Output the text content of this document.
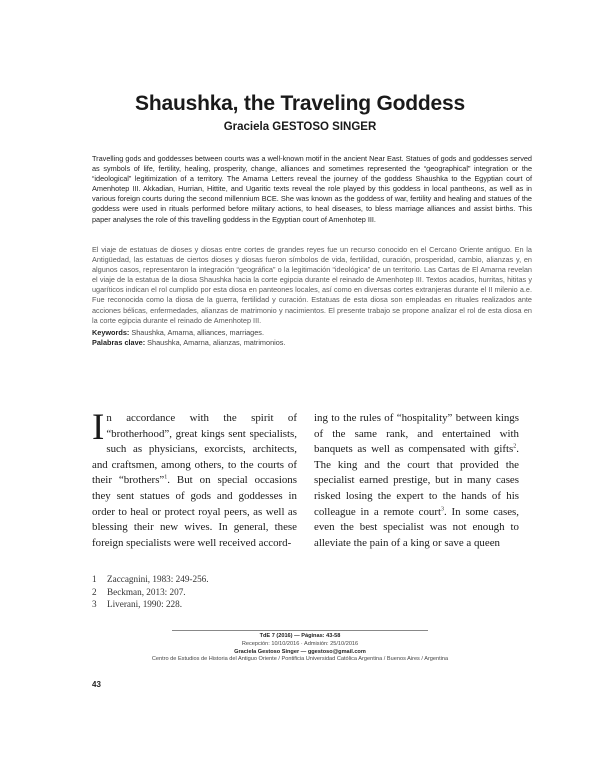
Shaushka, the Traveling Goddess
Graciela GESTOSO SINGER

Travelling gods and goddesses between courts was a well-known motif in the ancient Near East. Statues of gods and goddesses served as symbols of life, fertility, healing, prosperity, change, alliances and sometimes represented the “geographical” integration or the “ideological” legitimization of a territory. The Amarna Letters reveal the journey of the goddess Shaushka to the Egyptian court of Amenhotep III. Akkadian, Hurrian, Hittite, and Ugaritic texts reveal the role played by this goddess in local pantheons, as well as in various foreign courts during the second millennium BCE. She was known as the goddess of war, fertility and healing and statues of the goddess were used in rituals performed before military actions, to heal diseases, to bless marriage alliances and assist births. This paper analyses the role of this travelling goddess in the Egyptian court of Amenhotep III.

El viaje de estatuas de dioses y diosas entre cortes de grandes reyes fue un recurso conocido en el Cercano Oriente antiguo. En la Antigüedad, las estatuas de ciertos dioses y diosas fueron símbolos de vida, fertilidad, curación, prosperidad, cambio, alianzas y, en algunos casos, representaron la integración “geográfica” o la legitimación “ideológica” de un territorio. Las Cartas de El Amarna revelan el viaje de la estatua de la diosa Shaushka hacia la corte egipcia durante el reinado de Amenhotep III. Textos acadios, hurritas, hititas y ugaríticos indican el rol cumplido por esta diosa en panteones locales, así como en diversas cortes extranjeras durante el II milenio a.e. Fue reconocida como la diosa de la guerra, fertilidad y curación. Estatuas de esta diosa son empleadas en rituales realizados ante acciones bélicas, enfermedades, alianzas de matrimonio y nacimientos. El presente trabajo se propone analizar el rol de esta diosa en la corte egipcia durante el reinado de Amenhotep III.

Keywords: Shaushka, Amarna, alliances, marriages.
Palabras clave: Shaushka, Amarna, alianzas, matrimonios.
In accordance with the spirit of “brotherhood”, great kings sent specialists, such as physicians, exorcists, architects, and craftsmen, among others, to the courts of their “brothers”$^1$. But on special occasions they sent statues of gods and goddesses in order to heal or protect royal peers, as well as blessing their new wives. In general, these foreign specialists were well received accord-
ing to the rules of “hospitality” between kings of the same rank, and entertained with banquets as well as compensated with gifts$^2$. The king and the court that provided the specialist earned prestige, but in many cases risked losing the expert to the hands of his colleague in a remote court$^3$. In some cases, even the best specialist was not enough to alleviate the pain of a king or save a queen
1	Zaccagnini, 1983: 249-256.
2	Beckman, 2013: 207.
3	Liverani, 1990: 228.
TdE 7 (2016) — Páginas: 43-58
Recepción: 10/10/2016 · Admisión: 25/10/2016
Graciela Gestoso Singer — ggestoso@gmail.com
Centro de Estudios de Historia del Antiguo Oriente / Pontificia Universidad Católica Argentina / Buenos Aires / Argentina
43
